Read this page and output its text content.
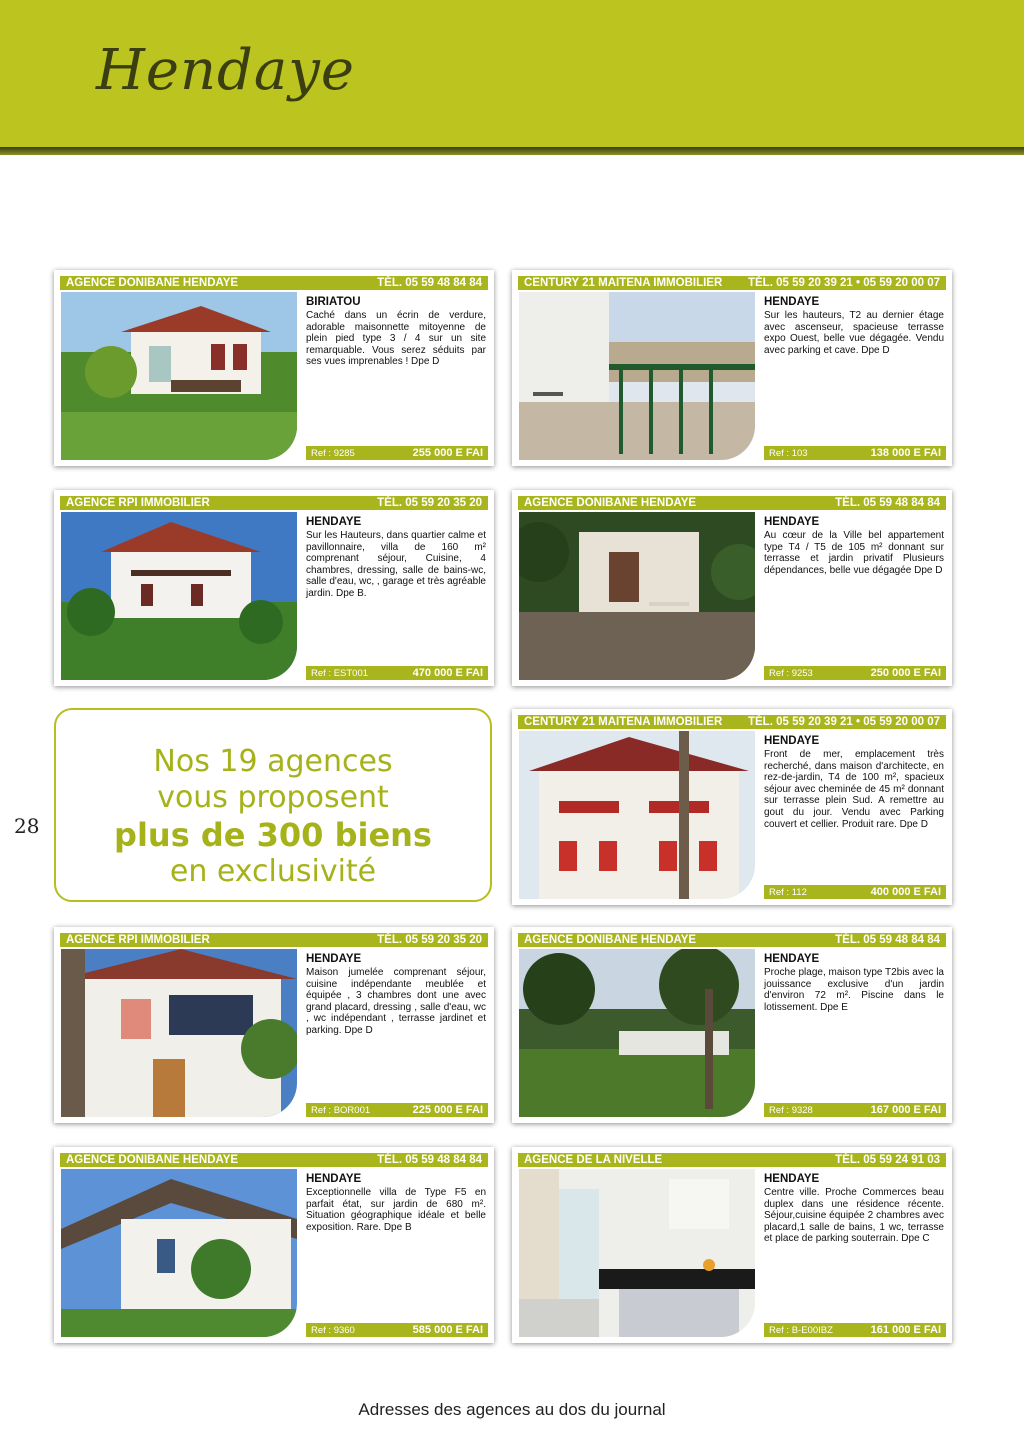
Hendaye
28
AGENCE DONIBANE HENDAYE	TÉL. 05 59 48 84 84
BIRIATOU
Caché dans un écrin de verdure, adorable maisonnette mitoyenne de plein pied type 3 / 4 sur un site remarquable. Vous serez séduits par ses vues imprenables ! Dpe D
Ref : 9285	255 000 E FAI
CENTURY 21 MAITENA IMMOBILIER TÉL. 05 59 20 39 21 • 05 59 20 00 07
HENDAYE
Sur les hauteurs, T2 au dernier étage avec ascenseur, spacieuse terrasse expo Ouest, belle vue dégagée. Vendu avec parking et cave. Dpe D
Ref : 103	138 000 E FAI
AGENCE RPI IMMOBILIER	TÉL. 05 59 20 35 20
HENDAYE
Sur les Hauteurs, dans quartier calme et pavillonnaire, villa de 160 m² comprenant séjour, Cuisine, 4 chambres, dressing, salle de bains-wc, salle d'eau, wc, , garage et très agréable jardin. Dpe B.
Ref : EST001	470 000 E FAI
AGENCE DONIBANE HENDAYE	TÉL. 05 59 48 84 84
HENDAYE
Au cœur de la Ville bel appartement type T4 / T5 de 105 m² donnant sur terrasse et jardin privatif Plusieurs dépendances, belle vue dégagée Dpe D
Ref : 9253	250 000 E FAI
Nos 19 agences
vous proposent
plus de 300 biens
en exclusivité
CENTURY 21 MAITENA IMMOBILIER TÉL. 05 59 20 39 21 • 05 59 20 00 07
HENDAYE
Front de mer, emplacement très recherché, dans maison d'architecte, en rez-de-jardin, T4 de 100 m², spacieux séjour avec cheminée de 45 m² donnant sur terrasse plein Sud. A remettre au gout du jour. Vendu avec Parking couvert et cellier. Produit rare. Dpe D
Ref : 112	400 000 E FAI
AGENCE RPI IMMOBILIER	TÉL. 05 59 20 35 20
HENDAYE
Maison jumelée comprenant séjour, cuisine indépendante meublée et équipée , 3 chambres dont une avec grand placard, dressing , salle d'eau, wc , wc indépendant , terrasse jardinet et parking. Dpe D
Ref : BOR001	225 000 E FAI
AGENCE DONIBANE HENDAYE	TÉL. 05 59 48 84 84
HENDAYE
Proche plage, maison type T2bis avec la jouissance exclusive d'un jardin d'environ 72 m². Piscine dans le lotissement. Dpe E
Ref : 9328	167 000 E FAI
AGENCE DONIBANE HENDAYE	TÉL. 05 59 48 84 84
HENDAYE
Exceptionnelle villa de Type F5 en parfait état, sur jardin de 680 m². Situation géographique idéale et belle exposition. Rare. Dpe B
Ref : 9360	585 000 E FAI
AGENCE DE LA NIVELLE	TÉL. 05 59 24 91 03
HENDAYE
Centre ville. Proche Commerces beau duplex dans une résidence récente. Séjour,cuisine équipée 2 chambres avec placard,1 salle de bains, 1 wc, terrasse et place de parking souterrain. Dpe C
Ref : B-E00IBZ	161 000 E FAI
Adresses des agences au dos du journal
